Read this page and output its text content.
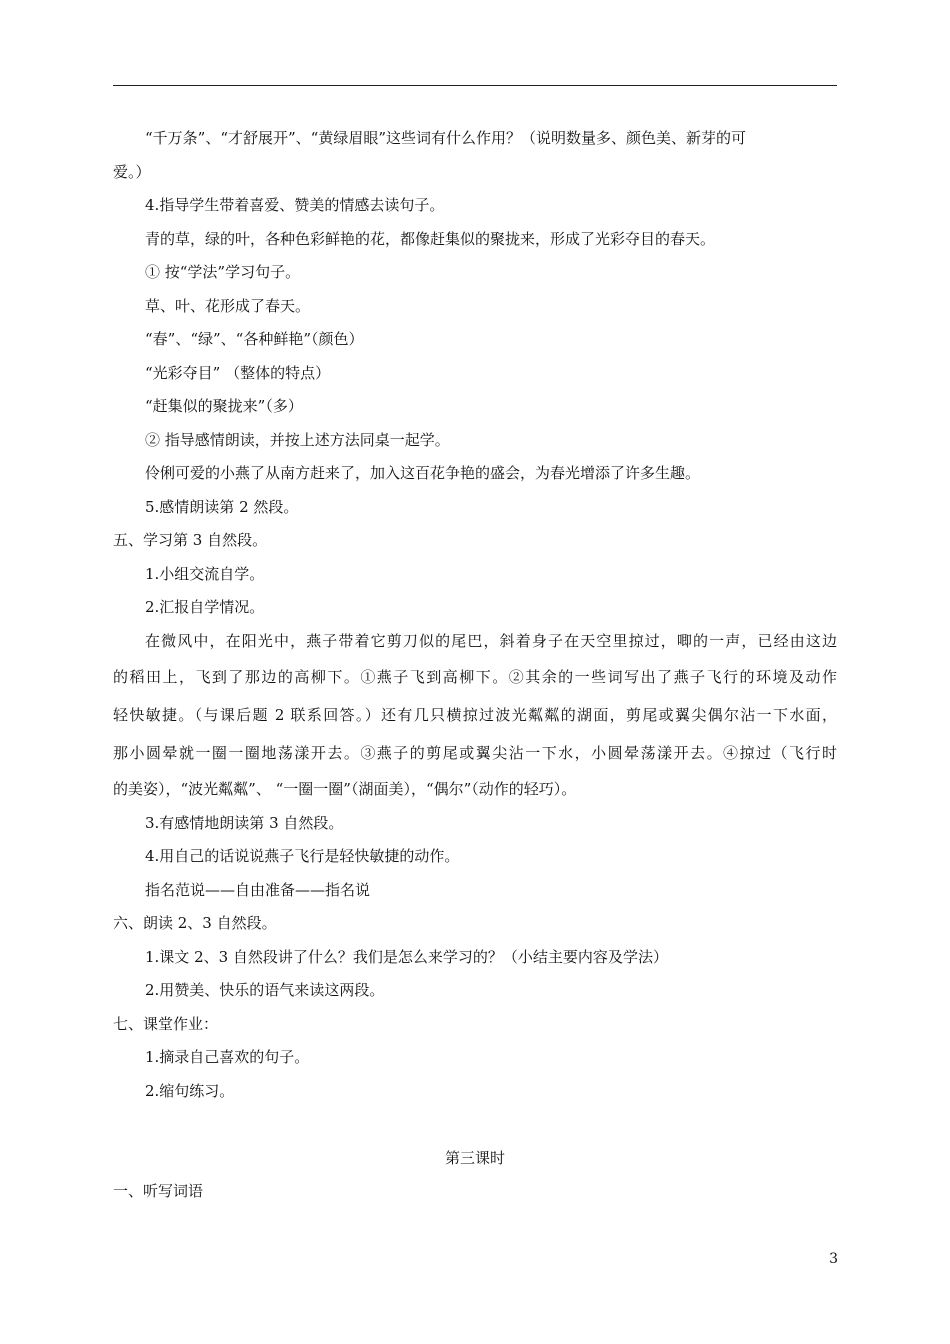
“千万条”、“才舒展开”、“黄绿眉眼”这些词有什么作用？（说明数量多、颜色美、新芽的可
爱。）
4.指导学生带着喜爱、赞美的情感去读句子。
青的草，绿的叶，各种色彩鲜艳的花，都像赶集似的聚拢来，形成了光彩夺目的春天。
① 按“学法”学习句子。
草、叶、花形成了春天。
“春”、“绿”、“各种鲜艳”（颜色）
“光彩夺目” （整体的特点）
“赶集似的聚拢来”（多）
② 指导感情朗读，并按上述方法同桌一起学。
伶俐可爱的小燕了从南方赶来了，加入这百花争艳的盛会，为春光增添了许多生趣。
5.感情朗读第 2 然段。
五、学习第 3 自然段。
1.小组交流自学。
2.汇报自学情况。
在微风中，在阳光中，燕子带着它剪刀似的尾巴，斜着身子在天空里掠过，唧的一声，已经由这边
的稻田上，飞到了那边的高柳下。①燕子飞到高柳下。②其余的一些词写出了燕子飞行的环境及动作
轻快敏捷。（与课后题 2 联系回答。）还有几只横掠过波光粼粼的湖面，剪尾或翼尖偶尔沾一下水面，
那小圆晕就一圈一圈地荡漾开去。③燕子的剪尾或翼尖沾一下水，小圆晕荡漾开去。④掠过（飞行时
的美姿），“波光粼粼”、 “一圈一圈”（湖面美），“偶尔”（动作的轻巧）。
3.有感情地朗读第 3 自然段。
4.用自己的话说说燕子飞行是轻快敏捷的动作。
指名范说——自由准备——指名说
六、朗读 2、3 自然段。
1.课文 2、3 自然段讲了什么？我们是怎么来学习的？（小结主要内容及学法）
2.用赞美、快乐的语气来读这两段。
七、课堂作业：
1.摘录自己喜欢的句子。
2.缩句练习。
第三课时
一、听写词语
3
